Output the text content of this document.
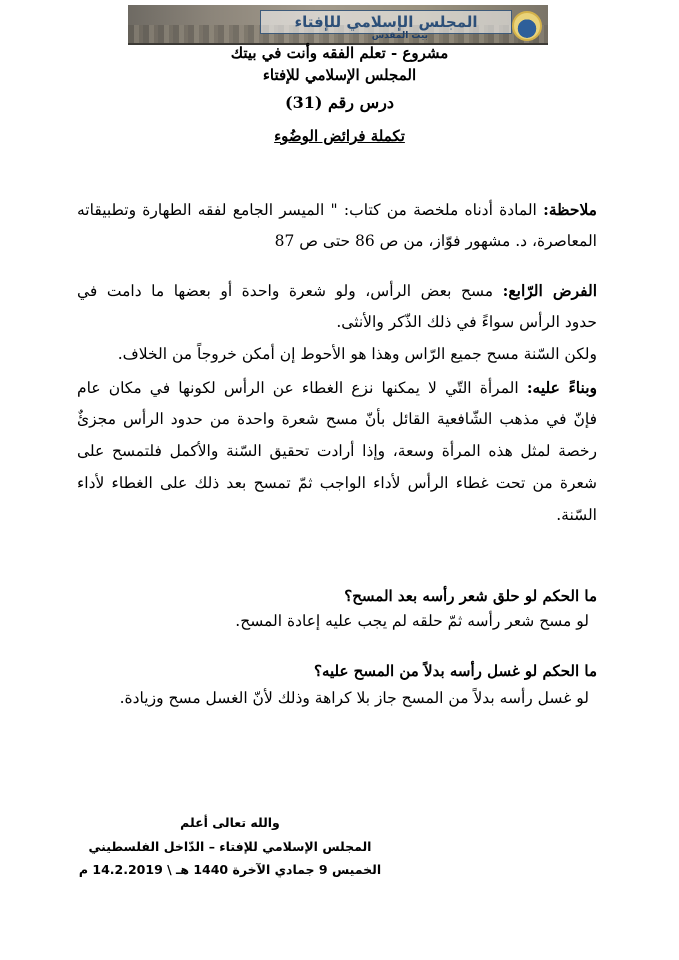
المجلس الإسلامي للإفتاء
بيت المقدس
مشروع - تعلم الفقه وأنت في بيتك
المجلس الإسلامي للإفتاء
درس رقم (31)
تكملة فرائض الوضُوء
ملاحظة: المادة أدناه ملخصة من كتاب: " الميسر الجامع لفقه الطهارة وتطبيقاته
المعاصرة، د. مشهور فوّاز، من ص 86 حتى ص 87
الفرض الرّابع: مسح بعض الرأس، ولو شعرة واحدة أو بعضها ما دامت في
حدود الرأس سواءً في ذلك الذّكر والأنثى.
ولكن السّنة مسح جميع الرّاس وهذا هو الأحوط إن أمكن خروجاً من الخلاف.
وبناءً عليه: المرأة التّي لا يمكنها نزع الغطاء عن الرأس لكونها في مكان عام
فإنّ في مذهب الشّافعية القائل بأنّ مسح شعرة واحدة من حدود الرأس مجزئٌ
رخصة لمثل هذه المرأة وسعة، وإذا أرادت تحقيق السّنة والأكمل فلتمسح على
شعرة من تحت غطاء الرأس لأداء الواجب ثمّ تمسح بعد ذلك على الغطاء لأداء
السّنة.
ما الحكم لو حلق شعر رأسه بعد المسح؟
لو مسح شعر رأسه ثمّ حلقه لم يجب عليه إعادة المسح.
ما الحكم لو غسل رأسه بدلاً من المسح عليه؟
لو غسل رأسه بدلاً من المسح جاز بلا كراهة وذلك لأنّ الغسل مسح وزيادة.
والله تعالى أعلم
المجلس الإسلامي للإفتاء – الدّاخل الفلسطيني
الخميس 9 جمادي الآخرة 1440 هـ \ 14.2.2019 م
